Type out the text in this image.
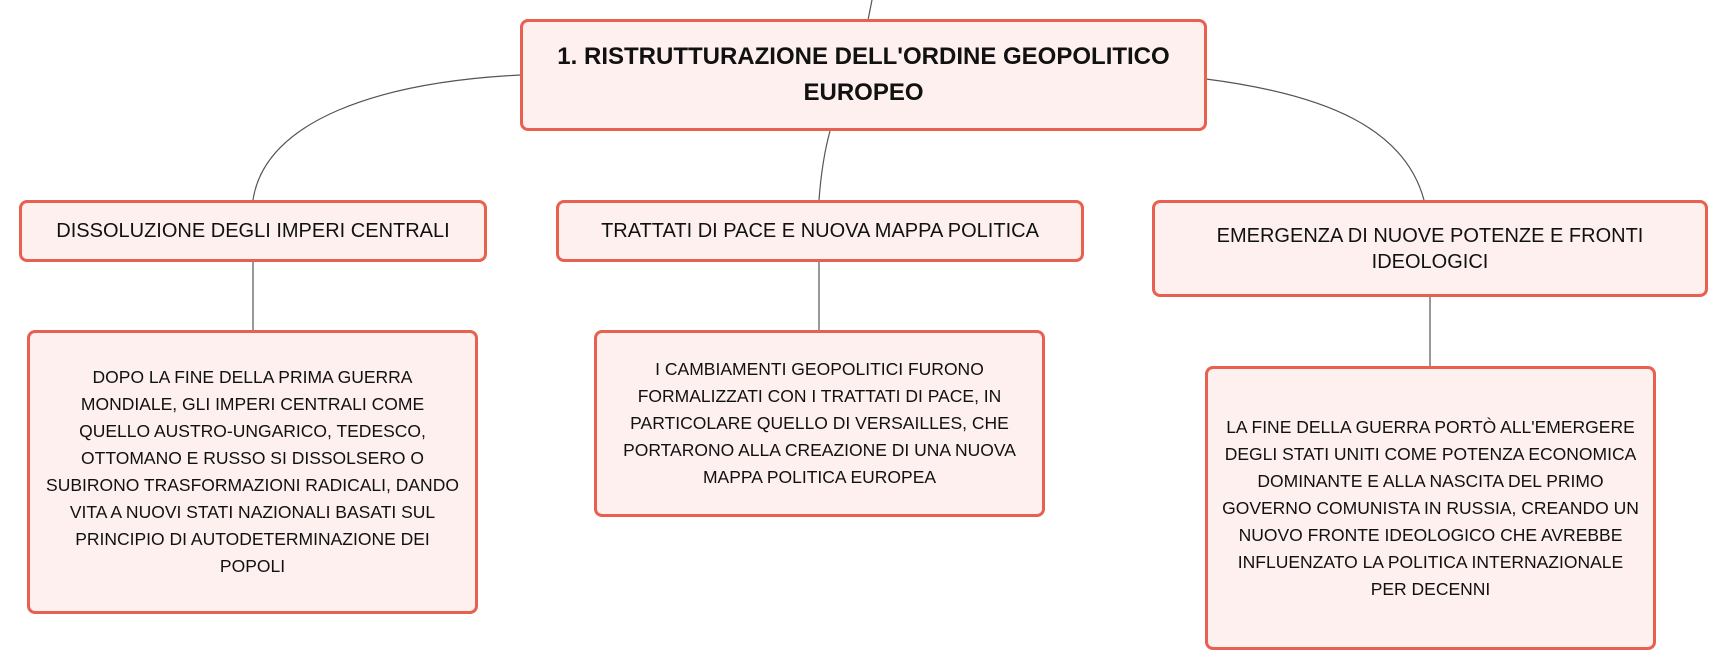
1. RISTRUTTURAZIONE DELL'ORDINE GEOPOLITICO EUROPEO
DISSOLUZIONE DEGLI IMPERI CENTRALI	TRATTATI DI PACE E NUOVA MAPPA POLITICA	EMERGENZA DI NUOVE POTENZE E FRONTI IDEOLOGICI
DOPO LA FINE DELLA PRIMA GUERRA MONDIALE, GLI IMPERI CENTRALI COME QUELLO AUSTRO-UNGARICO, TEDESCO, OTTOMANO E RUSSO SI DISSOLSERO O SUBIRONO TRASFORMAZIONI RADICALI, DANDO VITA A NUOVI STATI NAZIONALI BASATI SUL PRINCIPIO DI AUTODETERMINAZIONE DEI POPOLI
I CAMBIAMENTI GEOPOLITICI FURONO FORMALIZZATI CON I TRATTATI DI PACE, IN PARTICOLARE QUELLO DI VERSAILLES, CHE PORTARONO ALLA CREAZIONE DI UNA NUOVA MAPPA POLITICA EUROPEA
LA FINE DELLA GUERRA PORTÒ ALL'EMERGERE DEGLI STATI UNITI COME POTENZA ECONOMICA DOMINANTE E ALLA NASCITA DEL PRIMO GOVERNO COMUNISTA IN RUSSIA, CREANDO UN NUOVO FRONTE IDEOLOGICO CHE AVREBBE INFLUENZATO LA POLITICA INTERNAZIONALE PER DECENNI
